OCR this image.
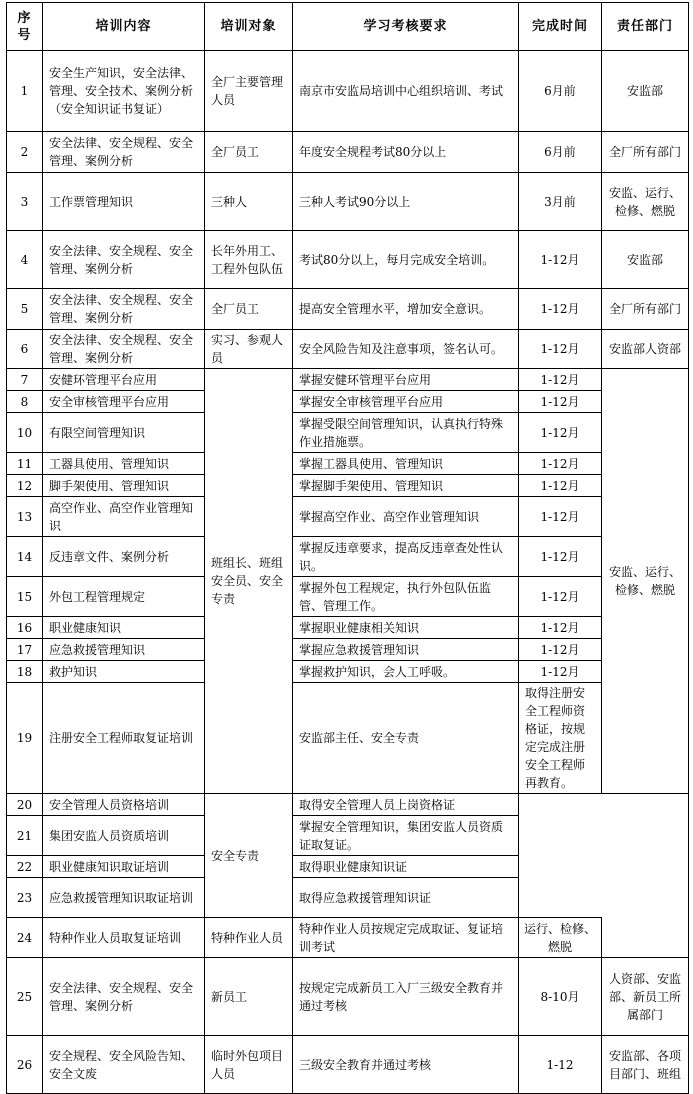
序号	培训内容	培训对象	学习考核要求	完成时间	责任部门	
1	安全生产知识，安全法律、管理、安全技术、案例分析（安全知识证书复证）	全厂主要管理人员	南京市安监局培训中心组织培训、考试	6月前	安监部	
2	安全法律、安全规程、安全管理、案例分析	全厂员工	年度安全规程考试80分以上	6月前	全厂所有部门	
3	工作票管理知识	三种人	三种人考试90分以上	3月前	安监、运行、检修、燃脱	
4	安全法律、安全规程、安全管理、案例分析	长年外用工、工程外包队伍	考试80分以上，每月完成安全培训。	1-12月	安监部	
5	安全法律、安全规程、安全管理、案例分析	全厂员工	提高安全管理水平，增加安全意识。	1-12月	全厂所有部门	
6	安全法律、安全规程、安全管理、案例分析	实习、参观人员	安全风险告知及注意事项，签名认可。	1-12月	安监部人资部	
7	安健环管理平台应用	班组长、班组安全员、安全专责	掌握安健环管理平台应用	1-12月	安监、运行、检修、燃脱	
8	安全审核管理平台应用		掌握安全审核管理平台应用	1-12月		
10	有限空间管理知识		掌握受限空间管理知识，认真执行特殊作业措施票。	1-12月		
11	工器具使用、管理知识		掌握工器具使用、管理知识	1-12月		
12	脚手架使用、管理知识		掌握脚手架使用、管理知识	1-12月		
13	高空作业、高空作业管理知识		掌握高空作业、高空作业管理知识	1-12月		
14	反违章文件、案例分析		掌握反违章要求，提高反违章查处性认识。	1-12月		
15	外包工程管理规定		掌握外包工程规定，执行外包队伍监管、管理工作。	1-12月		
16	职业健康知识		掌握职业健康相关知识	1-12月		
17	应急救援管理知识		掌握应急救援管理知识	1-12月		
18	救护知识		掌握救护知识，会人工呼吸。	1-12月		
19	注册安全工程师取复证培训		安监部主任、安全专责	取得注册安全工程师资格证，按规定完成注册安全工程师再教育。		
20	安全管理人员资格培训	安全专责	取得安全管理人员上岗资格证			
21	集团安监人员资质培训		掌握安全管理知识，集团安监人员资质证取复证。			
22	职业健康知识取证培训		取得职业健康知识证			
23	应急救援管理知识取证培训		取得应急救援管理知识证			
24	特种作业人员取复证培训	特种作业人员	特种作业人员按规定完成取证、复证培训考试	运行、检修、燃脱		
25	安全法律、安全规程、安全管理、案例分析	新员工	按规定完成新员工入厂三级安全教育并通过考核	8-10月	人资部、安监部、新员工所属部门	
26	安全规程、安全风险告知、安全文废	临时外包项目人员	三级安全教育并通过考核	1-12	安监部、各项目部门、班组	
